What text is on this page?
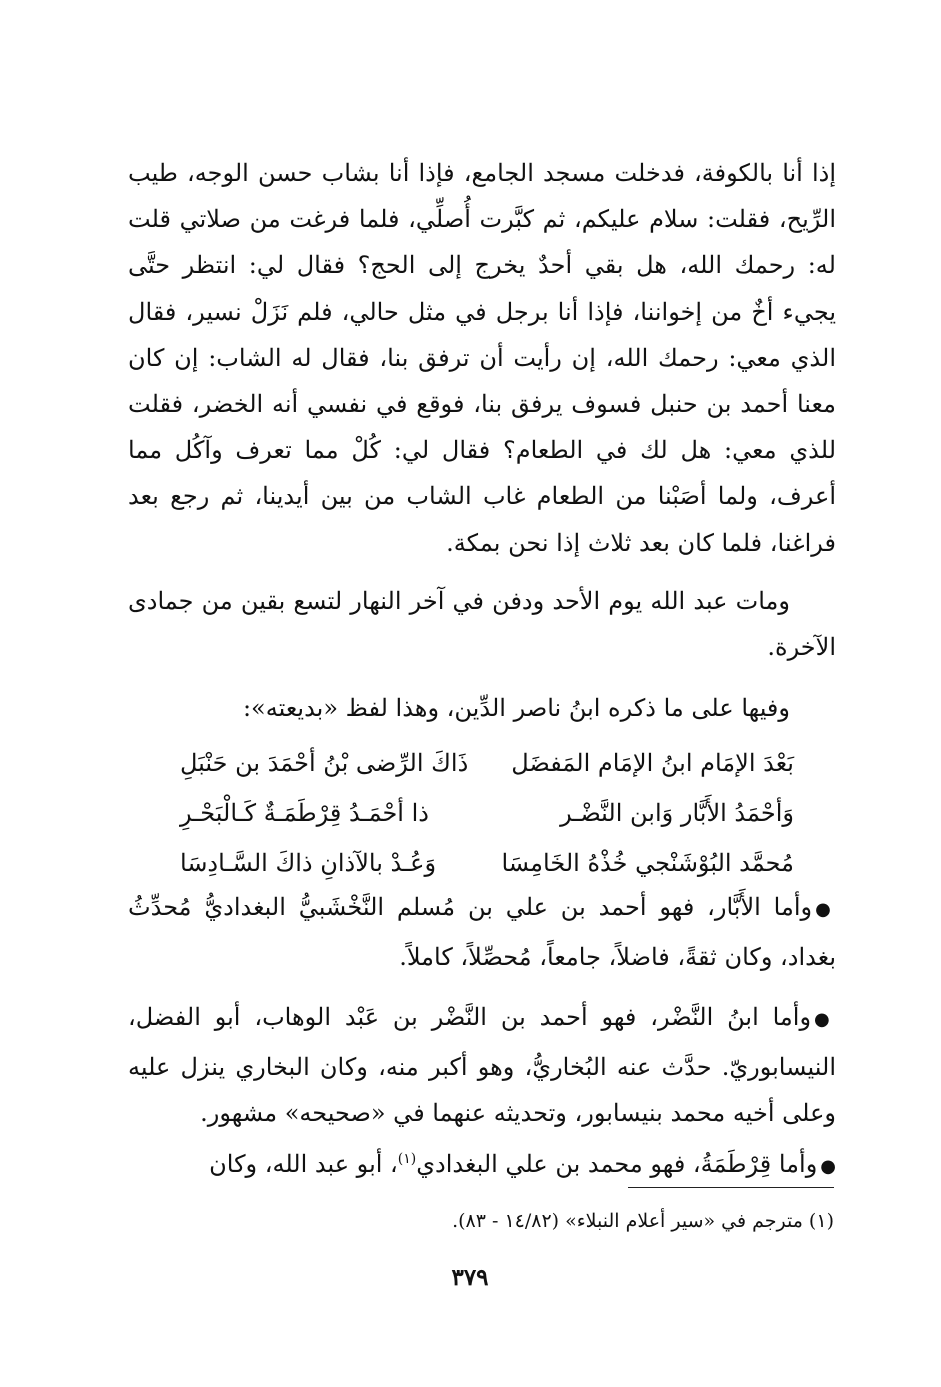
إذا أنا بالكوفة، فدخلت مسجد الجامع، فإذا أنا بشاب حسن الوجه، طيب الرِّيح، فقلت: سلام عليكم، ثم كبَّرت أُصلِّي، فلما فرغت من صلاتي قلت له: رحمك الله، هل بقي أحدٌ يخرج إلى الحج؟ فقال لي: انتظر حتَّى يجيء أخٌ من إخواننا، فإذا أنا برجل في مثل حالي، فلم نَزَلْ نسير، فقال الذي معي: رحمك الله، إن رأيت أن ترفق بنا، فقال له الشاب: إن كان معنا أحمد بن حنبل فسوف يرفق بنا، فوقع في نفسي أنه الخضر، فقلت للذي معي: هل لك في الطعام؟ فقال لي: كُلْ مما تعرف وآكُل مما أعرف، ولما أصَبْنا من الطعام غاب الشاب من بين أيدينا، ثم رجع بعد فراغنا، فلما كان بعد ثلاث إذا نحن بمكة.

ومات عبد الله يوم الأحد ودفن في آخر النهار لتسع بقين من جمادى الآخرة.

وفيها على ما ذكره ابنُ ناصر الدِّين، وهذا لفظ «بديعته»:

بَعْدَ الإمَام ابنُ الإمَام المَفضَل
ذَاكَ الرِّضى بْنُ أحْمَدَ بن حَنْبَلِ
وَأحْمَدُ الأَبَّار وَابن النَّضْـر
ذا أحْمَـدُ قِرْطَمَـةٌ كَـالْبَحْـرِ
مُحمَّد البُوْشَنْجي خُذْهُ الخَامِسَا
وَعُـدْ بالآذانِ ذاكَ السَّـادِسَا

●وأما الأَبَّار، فهو أحمد بن علي بن مُسلم النَّخْشَبيُّ البغداديُّ مُحدِّثُ بغداد، وكان ثقةً، فاضلاً، جامعاً، مُحصِّلاً، كاملاً.

●وأما ابنُ النَّضْر، فهو أحمد بن النَّضْر بن عَبْد الوهاب، أبو الفضل، النيسابوريّ. حدَّث عنه البُخاريُّ، وهو أكبر منه، وكان البخاري ينزل عليه وعلى أخيه محمد بنيسابور، وتحديثه عنهما في «صحيحه» مشهور.

●وأما قِرْطَمَةُ، فهو محمد بن علي البغدادي$^{(١)}$، أبو عبد الله، وكان

(١) مترجم في «سير أعلام النبلاء» (١٤/٨٢ - ٨٣).
٣٧٩
